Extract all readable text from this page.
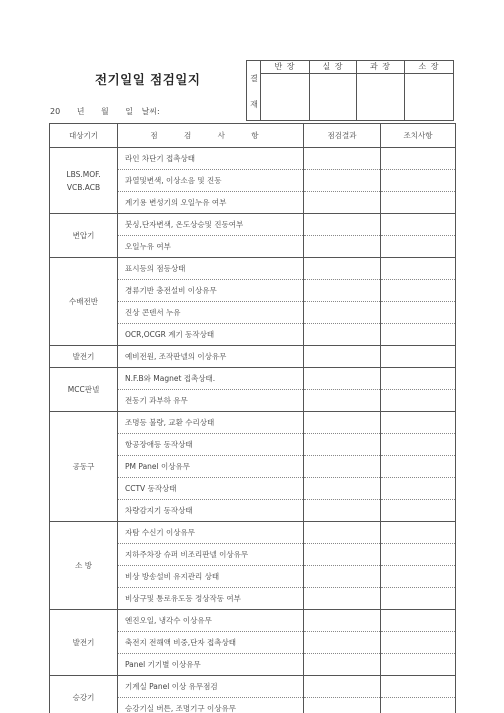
전기일일 점검일지
20 년 월 일 날씨:
결
재
반 장	실 장	과 장	소 장
대상기기	점 검 사 항	점검결과	조치사항
LBS.MOF.
VCB.ACB	라인 차단기 접촉상태		
	과열및변색, 이상소음 및 진동		
	계기용 변성기의 오일누유 여부		
변압기	붓싱,단자변색, 온도상승및 진동여부		
	오일누유 여부		
수배전반	표시등의 점등상태		
	경류기반 충전설비 이상유무		
	진상 콘덴서 누유		
	OCR,OCGR 계기 동작상태		
발전기	예비전원, 조작판넬의 이상유무		
MCC판넬	N.F.B와 Magnet 접촉상태.		
	전동기 과부하 유무		
공동구	조명등 불량, 교환 수리상태		
	항공장애등 동작상태		
	PM Panel 이상유무		
	CCTV 동작상태		
	차량감지기 동작상태		
소 방	자탐 수신기 이상유무		
	지하주차장 슈퍼 비조리판넬 이상유무		
	비상 방송설비 유지관리 상태		
	비상구및 통로유도등 정상작동 여부		
발전기	엔진오일, 냉각수 이상유무		
	축전지 전해액 비중,단자 접촉상태		
	Panel 기기별 이상유무		
승강기	기계실 Panel 이상 유무점검		
	승강기실 버튼, 조명기구 이상유무		
